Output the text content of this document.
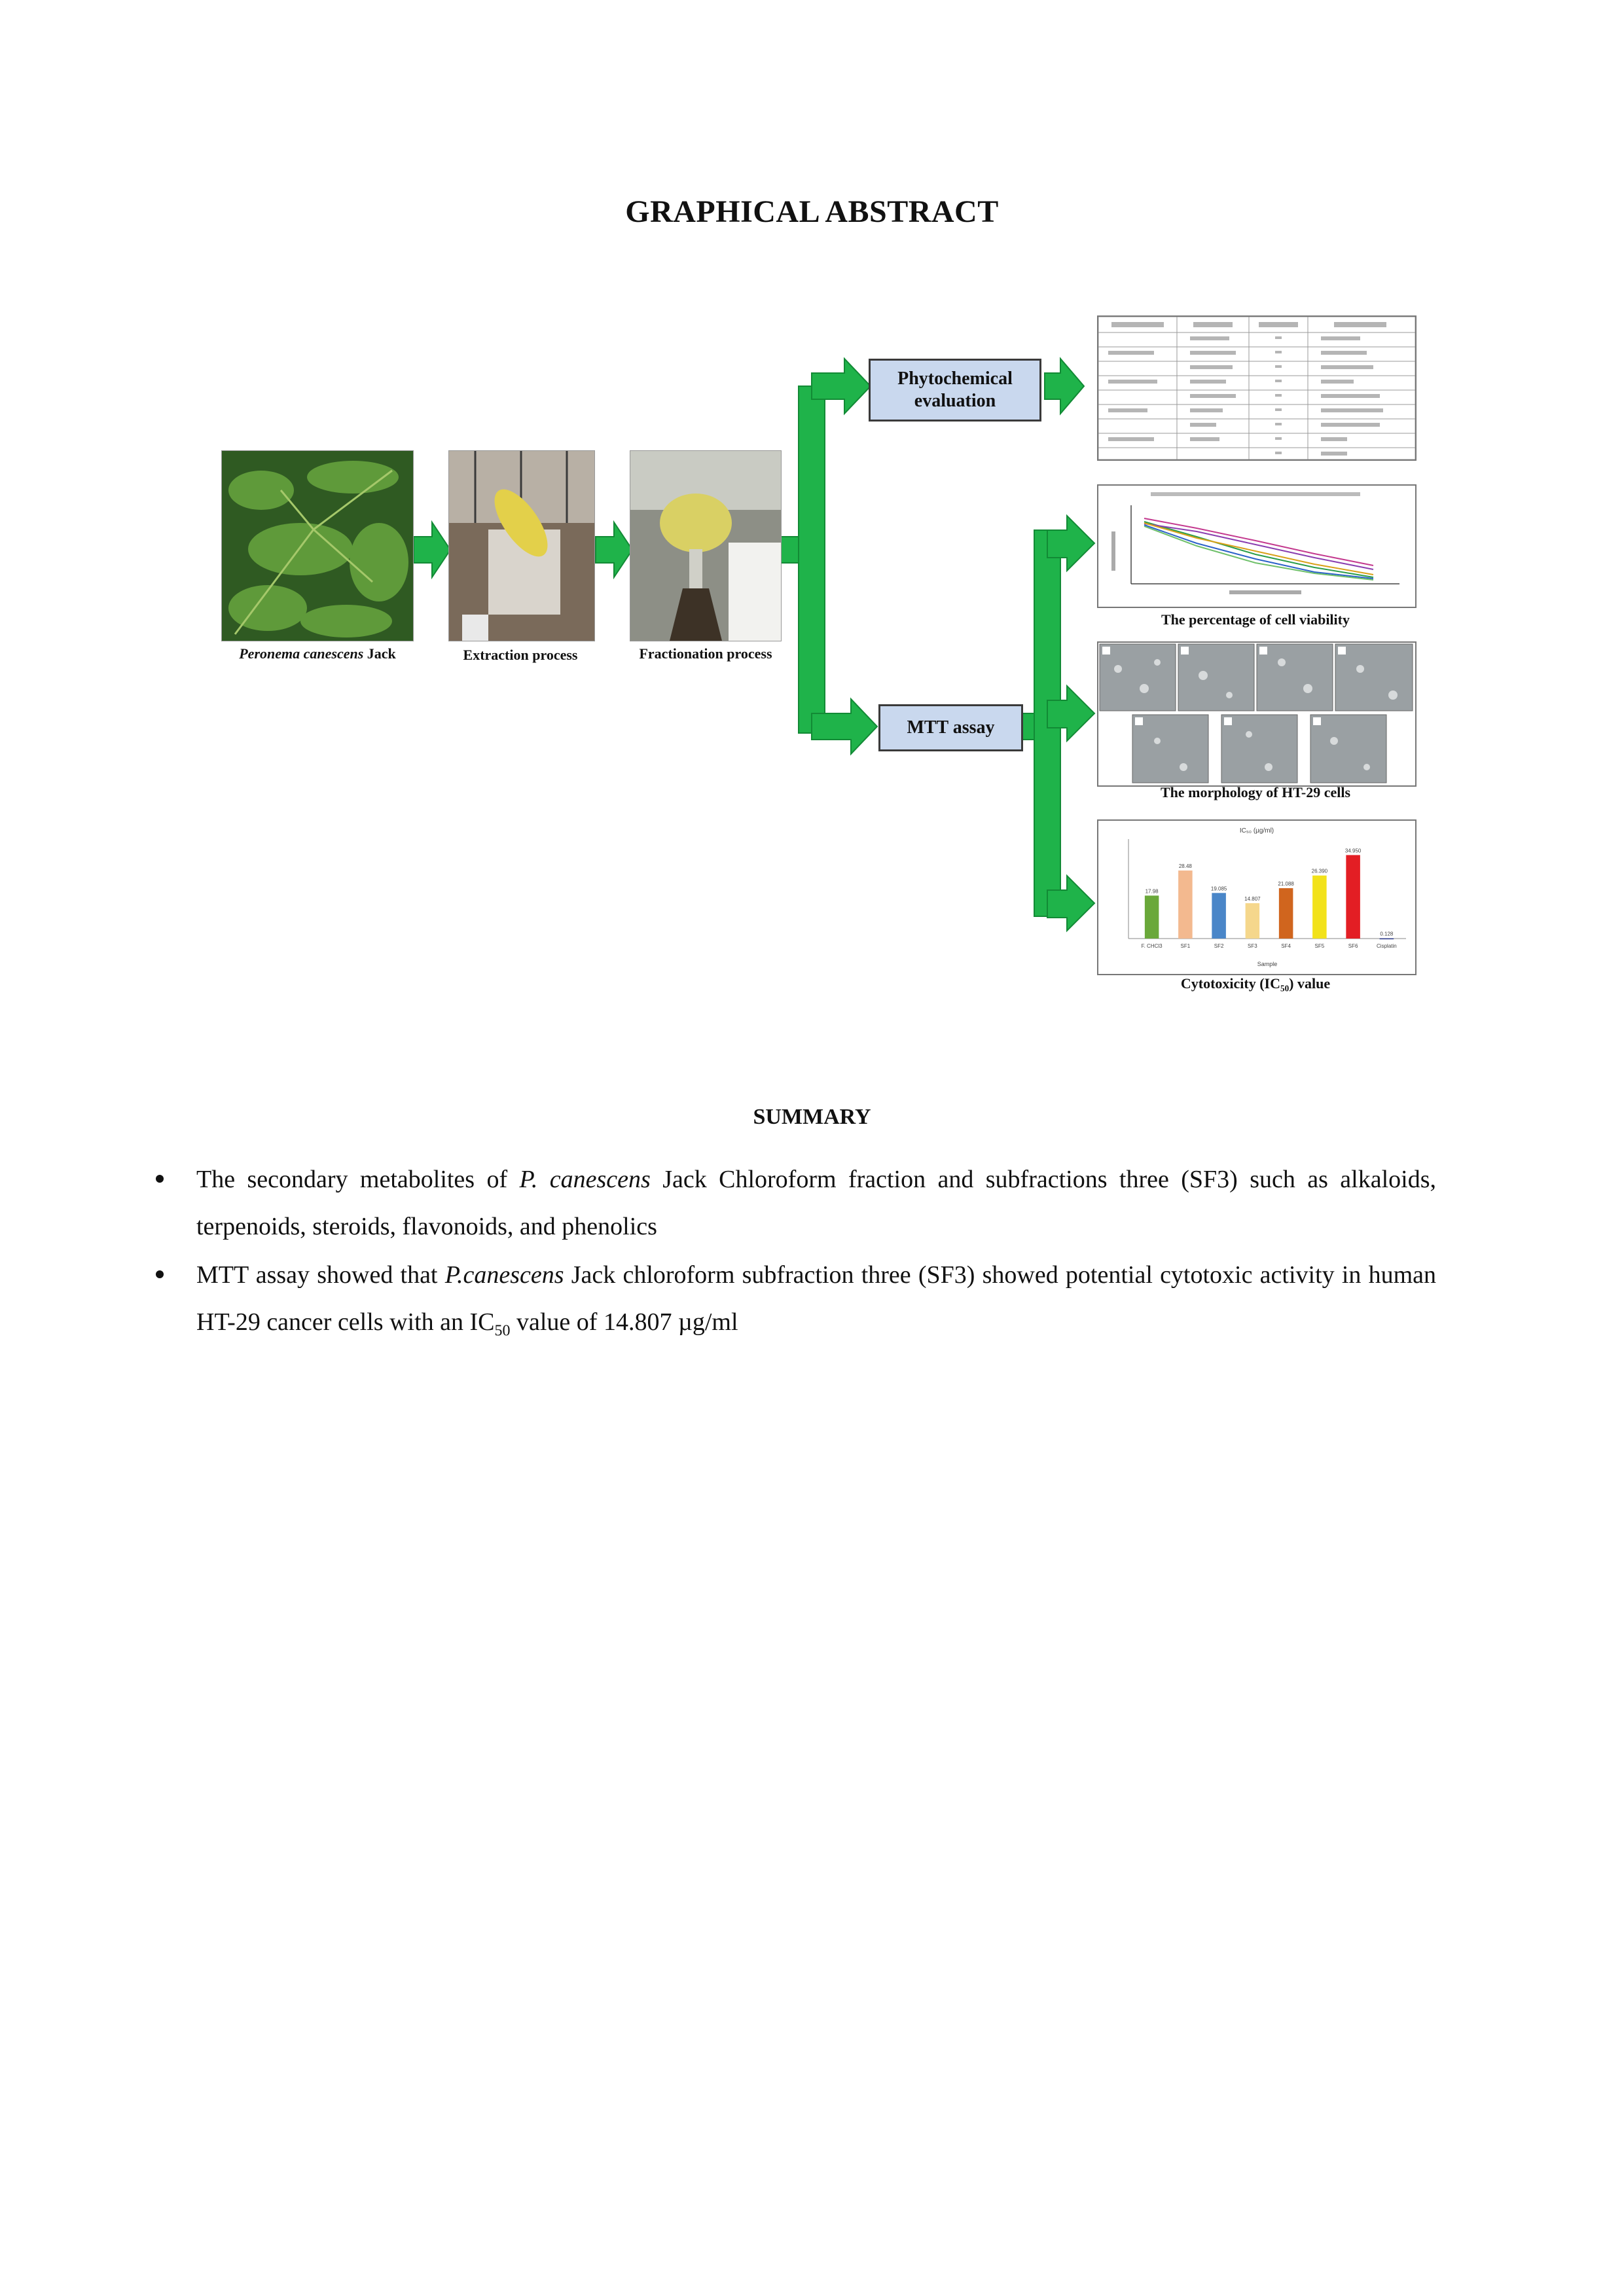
GRAPHICAL ABSTRACT
Peronema canescens Jack	Extraction process	Fractionation process
Phytochemical
evaluation
MTT assay
The percentage of cell viability
The morphology of HT-29 cells
IC₅₀ (µg/ml)
Sample
17.98
F. CHCl3
28.48
SF1
19.085
SF2
14.807
SF3
21.088
SF4
26.390
SF5
34.950
SF6
0.128
Cisplatin
Cytotoxicity (IC₅₀) value
SUMMARY
The secondary metabolites of P. canescens Jack Chloroform fraction and subfractions three (SF3) such as alkaloids, terpenoids, steroids, flavonoids, and phenolics
MTT assay showed that P.canescens Jack chloroform subfraction three (SF3) showed potential cytotoxic activity in human HT-29 cancer cells with an $IC_{50}$ value of 14.807 µg/ml
